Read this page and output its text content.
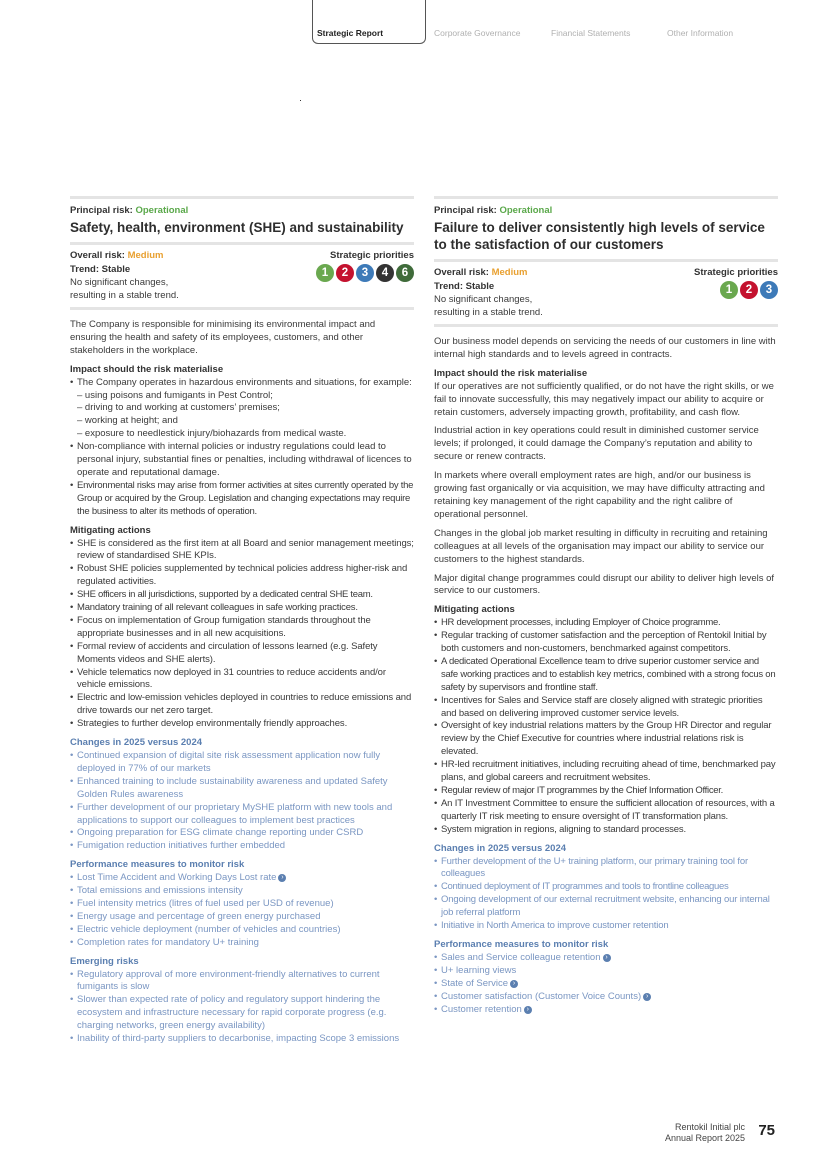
Strategic Report	Corporate Governance	Financial Statements	Other Information
Principal risk: Operational
Safety, health, environment (SHE) and sustainability
Overall risk: Medium	Strategic priorities
Trend: Stable
No significant changes,
resulting in a stable trend.
1	2	3	4	6

The Company is responsible for minimising its environmental impact and ensuring the health and safety of its employees, customers, and other stakeholders in the workplace.

Impact should the risk materialise
• The Company operates in hazardous environments and situations, for example:
– using poisons and fumigants in Pest Control;
– driving to and working at customers’ premises;
– working at height; and
– exposure to needlestick injury/biohazards from medical waste.
• Non-compliance with internal policies or industry regulations could lead to personal injury, substantial fines or penalties, including withdrawal of licences to operate and reputational damage.
• Environmental risks may arise from former activities at sites currently operated by the Group or acquired by the Group. Legislation and changing expectations may require the business to alter its methods of operation.
Mitigating actions
• SHE is considered as the first item at all Board and senior management meetings; review of standardised SHE KPIs.
• Robust SHE policies supplemented by technical policies address higher-risk and regulated activities.
• SHE officers in all jurisdictions, supported by a dedicated central SHE team.
• Mandatory training of all relevant colleagues in safe working practices.
• Focus on implementation of Group fumigation standards throughout the appropriate businesses and in all new acquisitions.
• Formal review of accidents and circulation of lessons learned (e.g. Safety Moments videos and SHE alerts).
• Vehicle telematics now deployed in 31 countries to reduce accidents and/or vehicle emissions.
• Electric and low-emission vehicles deployed in countries to reduce emissions and drive towards our net zero target.
• Strategies to further develop environmentally friendly approaches.
Changes in 2025 versus 2024
• Continued expansion of digital site risk assessment application now fully deployed in 77% of our markets
• Enhanced training to include sustainability awareness and updated Safety Golden Rules awareness
• Further development of our proprietary MySHE platform with new tools and applications to support our colleagues to implement best practices
• Ongoing preparation for ESG climate change reporting under CSRD
• Fumigation reduction initiatives further embedded
Performance measures to monitor risk
• Lost Time Accident and Working Days Lost rate ›
• Total emissions and emissions intensity
• Fuel intensity metrics (litres of fuel used per USD of revenue)
• Energy usage and percentage of green energy purchased
• Electric vehicle deployment (number of vehicles and countries)
• Completion rates for mandatory U+ training
Emerging risks
• Regulatory approval of more environment-friendly alternatives to current fumigants is slow
• Slower than expected rate of policy and regulatory support hindering the ecosystem and infrastructure necessary for rapid corporate progress (e.g. charging networks, green energy availability)
• Inability of third-party suppliers to decarbonise, impacting Scope 3 emissions
Principal risk: Operational
Failure to deliver consistently high levels of service to the satisfaction of our customers
Overall risk: Medium	Strategic priorities
Trend: Stable
No significant changes,
resulting in a stable trend.
1	2	3

Our business model depends on servicing the needs of our customers in line with internal high standards and to levels agreed in contracts.

Impact should the risk materialise

If our operatives are not sufficiently qualified, or do not have the right skills, or we fail to innovate successfully, this may negatively impact our ability to acquire or retain customers, adversely impacting growth, profitability, and cash flow.

Industrial action in key operations could result in diminished customer service levels; if prolonged, it could damage the Company’s reputation and ability to secure or renew contracts.

In markets where overall employment rates are high, and/or our business is growing fast organically or via acquisition, we may have difficulty attracting and retaining key management of the right capability and the right calibre of operational personnel.

Changes in the global job market resulting in difficulty in recruiting and retaining colleagues at all levels of the organisation may impact our ability to service our customers to the highest standards.

Major digital change programmes could disrupt our ability to deliver high levels of service to our customers.

Mitigating actions
• HR development processes, including Employer of Choice programme.
• Regular tracking of customer satisfaction and the perception of Rentokil Initial by both customers and non-customers, benchmarked against competitors.
• A dedicated Operational Excellence team to drive superior customer service and safe working practices and to establish key metrics, combined with a strong focus on safety by supervisors and frontline staff.
• Incentives for Sales and Service staff are closely aligned with strategic priorities and based on delivering improved customer service levels.
• Oversight of key industrial relations matters by the Group HR Director and regular review by the Chief Executive for countries where industrial relations risk is elevated.
• HR-led recruitment initiatives, including recruiting ahead of time, benchmarked pay plans, and global careers and recruitment websites.
• Regular review of major IT programmes by the Chief Information Officer.
• An IT Investment Committee to ensure the sufficient allocation of resources, with a quarterly IT risk meeting to ensure oversight of IT transformation plans.
• System migration in regions, aligning to standard processes.
Changes in 2025 versus 2024
• Further development of the U+ training platform, our primary training tool for colleagues
• Continued deployment of IT programmes and tools to frontline colleagues
• Ongoing development of our external recruitment website, enhancing our internal job referral platform
• Initiative in North America to improve customer retention
Performance measures to monitor risk
• Sales and Service colleague retention ›
• U+ learning views
• State of Service ›
• Customer satisfaction (Customer Voice Counts) ›
• Customer retention ›
Rentokil Initial plc
Annual Report 2025 75
